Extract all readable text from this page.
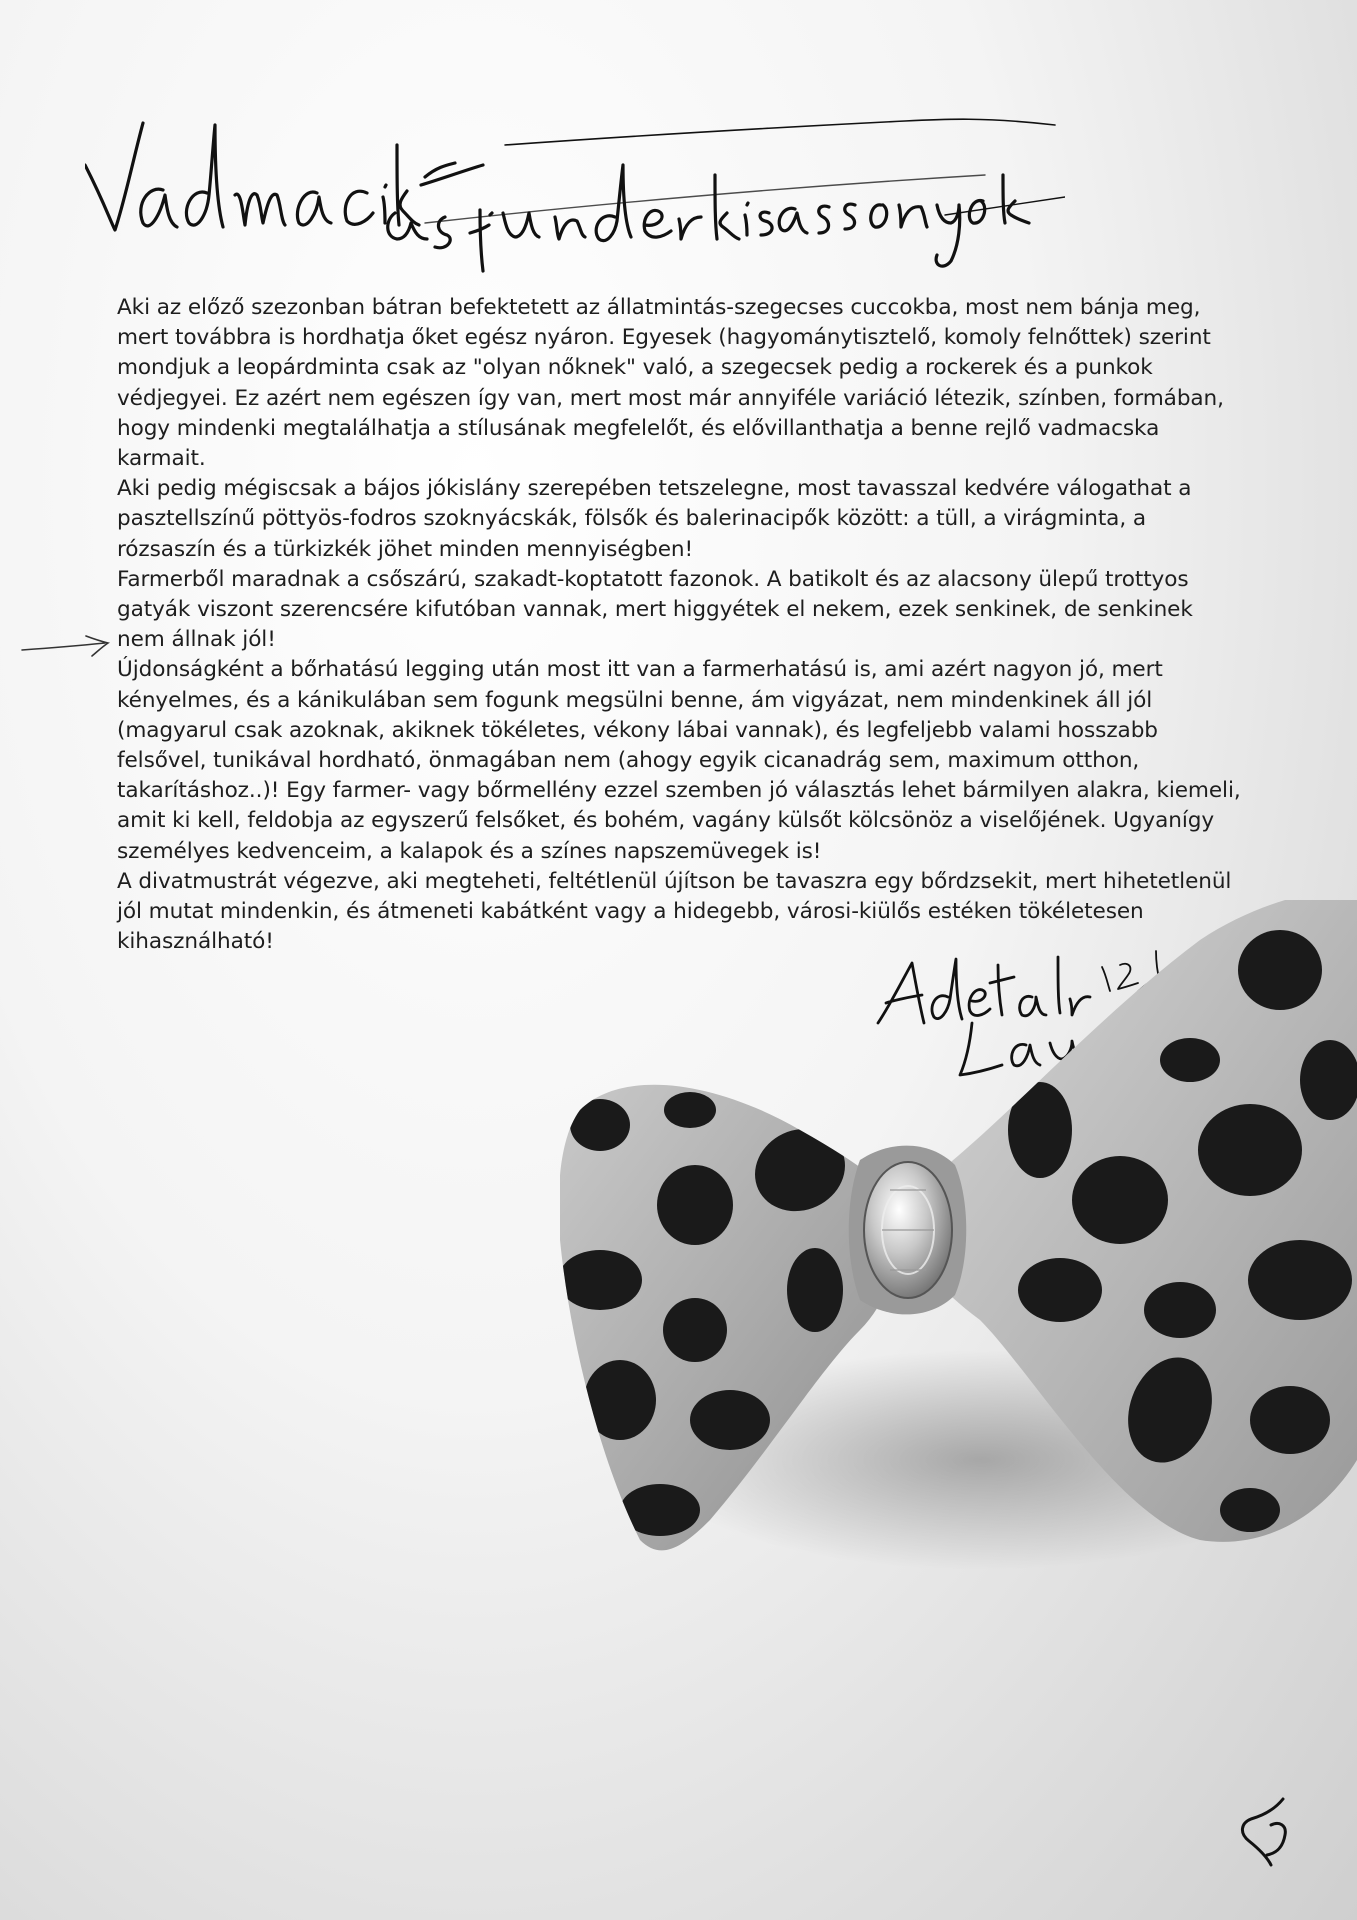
Aki az előző szezonban bátran befektetett az állatmintás-szegecses cuccokba, most nem bánja meg, mert továbbra is hordhatja őket egész nyáron. Egyesek (hagyománytisztelő, komoly felnőttek) szerint mondjuk a leopárdminta csak az "olyan nőknek" való, a szegecsek pedig a rockerek és a punkok védjegyei. Ez azért nem egészen így van, mert most már annyiféle variáció létezik, színben, formában, hogy mindenki megtalálhatja a stílusának megfelelőt, és elővillanthatja a benne rejlő vadmacska karmait.

Aki pedig mégiscsak a bájos jókislány szerepében tetszelegne, most tavasszal kedvére válogathat a pasztellszínű pöttyös-fodros szoknyácskák, fölsők és balerinacipők között: a tüll, a virágminta, a rózsaszín és a türkizkék jöhet minden mennyiségben!

Farmerből maradnak a csőszárú, szakadt-koptatott fazonok. A batikolt és az alacsony ülepű trottyos gatyák viszont szerencsére kifutóban vannak, mert higgyétek el nekem, ezek senkinek, de senkinek nem állnak jól!

Újdonságként a bőrhatású legging után most itt van a farmerhatású is, ami azért nagyon jó, mert kényelmes, és a kánikulában sem fogunk megsülni benne, ám vigyázat, nem mindenkinek áll jól (magyarul csak azoknak, akiknek tökéletes, vékony lábai vannak), és legfeljebb valami hosszabb felsővel, tunikával hordható, önmagában nem (ahogy egyik cicanadrág sem, maximum otthon, takarításhoz..)! Egy farmer- vagy bőrmellény ezzel szemben jó választás lehet bármilyen alakra, kiemeli, amit ki kell, feldobja az egyszerű felsőket, és bohém, vagány külsőt kölcsönöz a viselőjének. Ugyanígy személyes kedvenceim, a kalapok és a színes napszemüvegek is!

A divatmustrát végezve, aki megteheti, feltétlenül újítson be tavaszra egy bőrdzsekit, mert hihetetlenül jól mutat mindenkin, és átmeneti kabátként vagy a hidegebb, városi-kiülős estéken tökéletesen kihasználható!
